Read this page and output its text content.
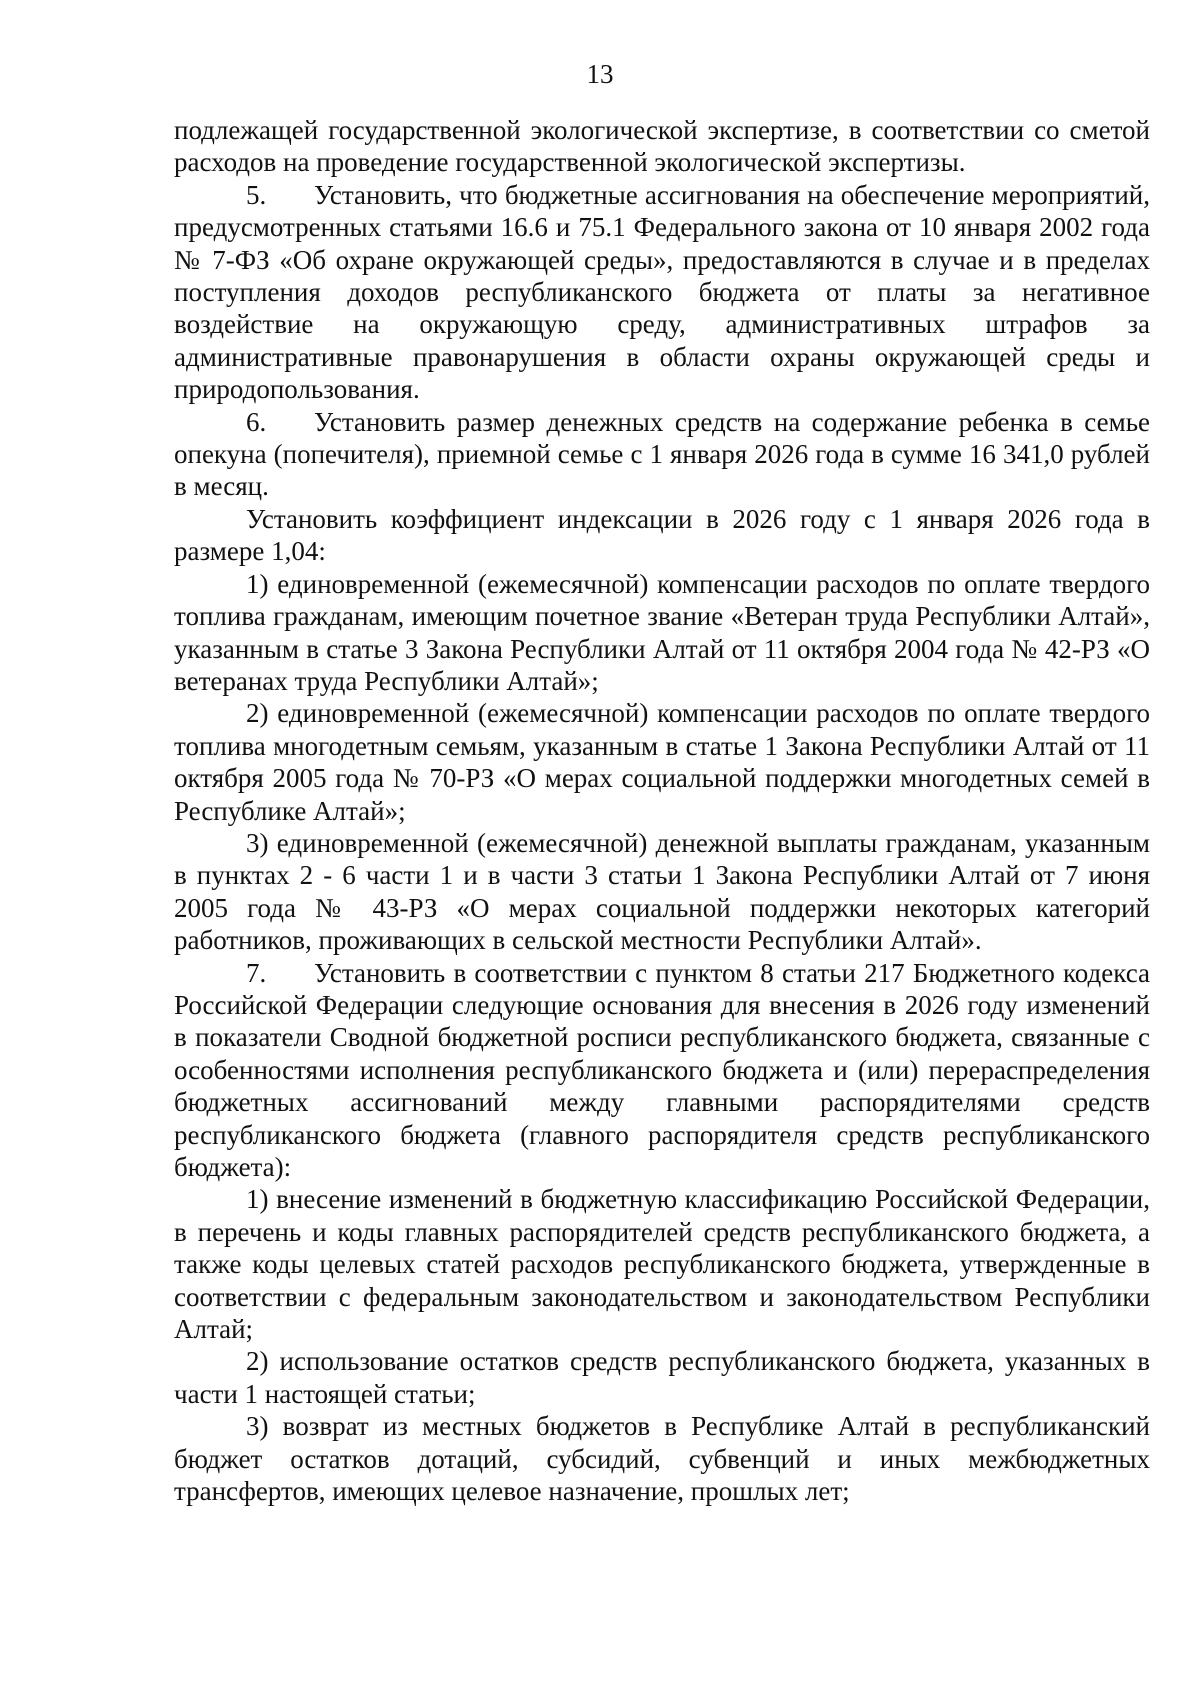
13

подлежащей государственной экологической экспертизе, в соответствии со сметой расходов на проведение государственной экологической экспертизы.

5. Установить, что бюджетные ассигнования на обеспечение мероприятий, предусмотренных статьями 16.6 и 75.1 Федерального закона от 10 января 2002 года № 7-ФЗ «Об охране окружающей среды», предоставляются в случае и в пределах поступления доходов республиканского бюджета от платы за негативное воздействие на окружающую среду, административных штрафов за административные правонарушения в области охраны окружающей среды и природопользования.

6. Установить размер денежных средств на содержание ребенка в семье опекуна (попечителя), приемной семье с 1 января 2026 года в сумме 16 341,0 рублей в месяц.

Установить коэффициент индексации в 2026 году с 1 января 2026 года в размере 1,04:

1) единовременной (ежемесячной) компенсации расходов по оплате твердого топлива гражданам, имеющим почетное звание «Ветеран труда Республики Алтай», указанным в статье 3 Закона Республики Алтай от 11 октября 2004 года № 42-РЗ «О ветеранах труда Республики Алтай»;

2) единовременной (ежемесячной) компенсации расходов по оплате твердого топлива многодетным семьям, указанным в статье 1 Закона Республики Алтай от 11 октября 2005 года № 70-РЗ «О мерах социальной поддержки многодетных семей в Республике Алтай»;

3) единовременной (ежемесячной) денежной выплаты гражданам, указанным в пунктах 2 - 6 части 1 и в части 3 статьи 1 Закона Республики Алтай от 7 июня 2005 года № 43-РЗ «О мерах социальной поддержки некоторых категорий работников, проживающих в сельской местности Республики Алтай».

7. Установить в соответствии с пунктом 8 статьи 217 Бюджетного кодекса Российской Федерации следующие основания для внесения в 2026 году изменений в показатели Сводной бюджетной росписи республиканского бюджета, связанные с особенностями исполнения республиканского бюджета и (или) перераспределения бюджетных ассигнований между главными распорядителями средств республиканского бюджета (главного распорядителя средств республиканского бюджета):

1) внесение изменений в бюджетную классификацию Российской Федерации, в перечень и коды главных распорядителей средств республиканского бюджета, а также коды целевых статей расходов республиканского бюджета, утвержденные в соответствии с федеральным законодательством и законодательством Республики Алтай;

2) использование остатков средств республиканского бюджета, указанных в части 1 настоящей статьи;

3) возврат из местных бюджетов в Республике Алтай в республиканский бюджет остатков дотаций, субсидий, субвенций и иных межбюджетных трансфертов, имеющих целевое назначение, прошлых лет;
